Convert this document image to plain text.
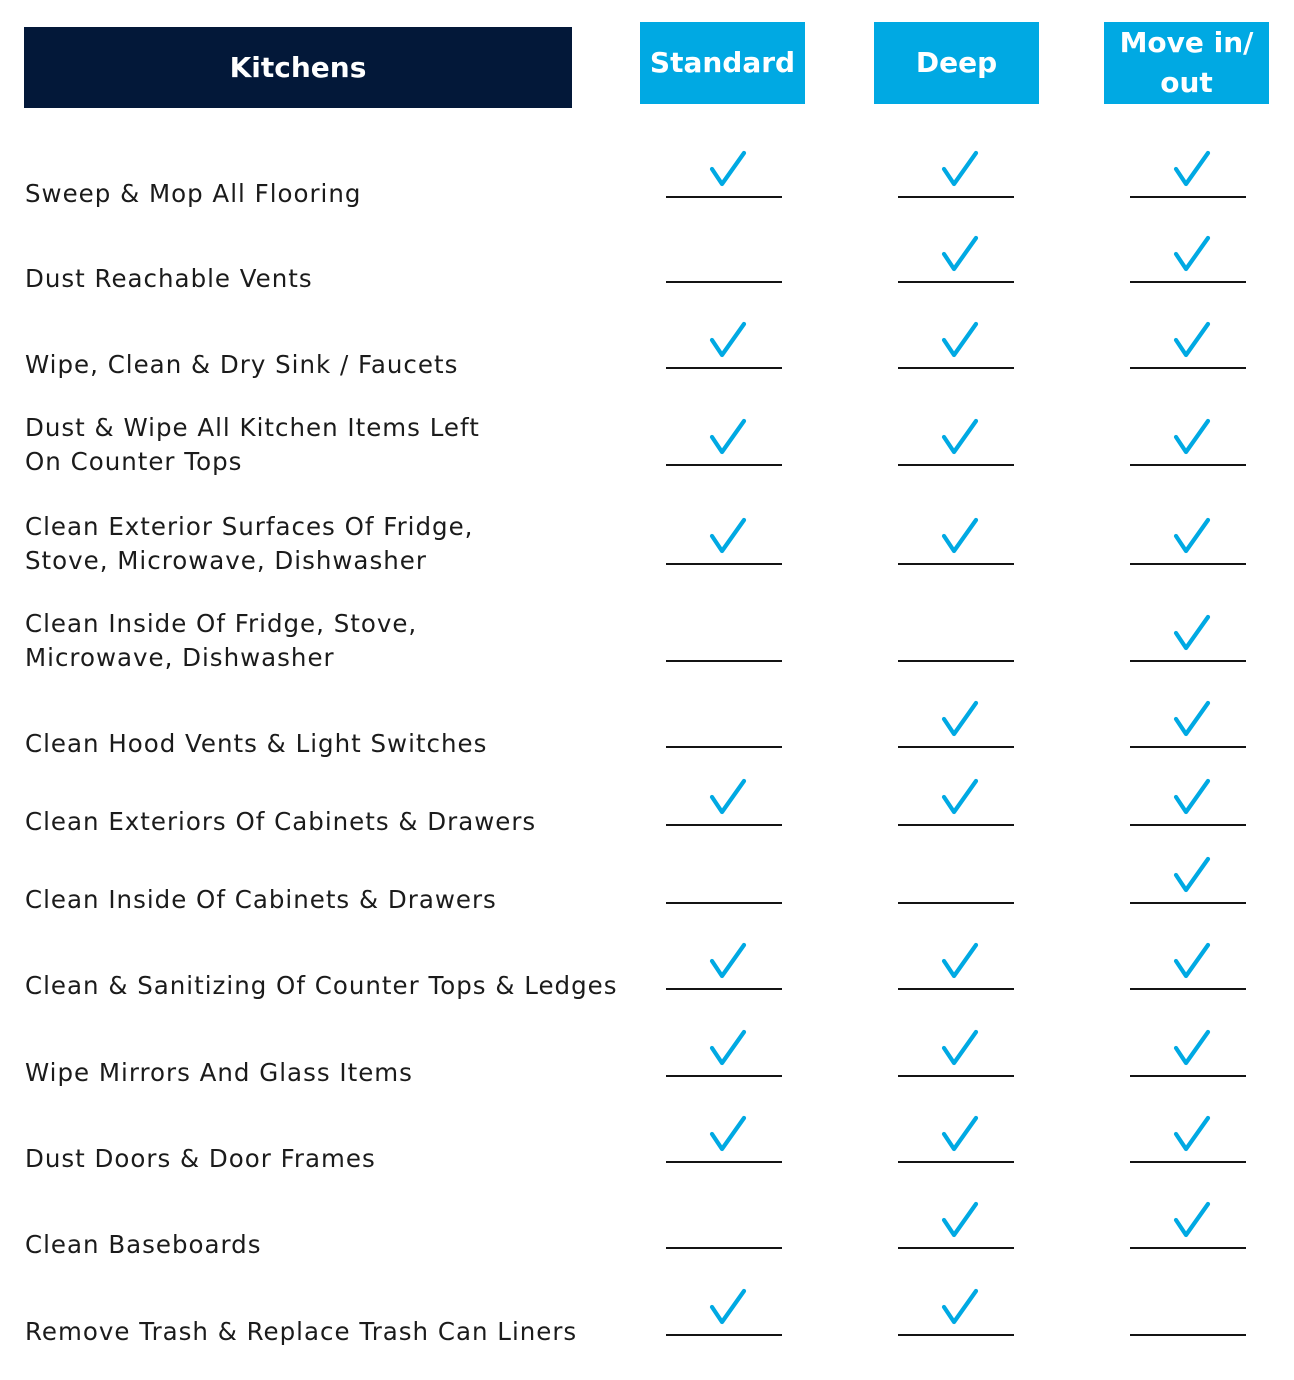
Kitchens	Standard	Deep
Move in/ out
Sweep & Mop All Flooring
Dust Reachable Vents
Wipe, Clean & Dry Sink / Faucets
Dust & Wipe All Kitchen Items Left
On Counter Tops
Clean Exterior Surfaces Of Fridge,
Stove, Microwave, Dishwasher
Clean Inside Of Fridge, Stove,
Microwave, Dishwasher
Clean Hood Vents & Light Switches
Clean Exteriors Of Cabinets & Drawers
Clean Inside Of Cabinets & Drawers
Clean & Sanitizing Of Counter Tops & Ledges
Wipe Mirrors And Glass Items
Dust Doors & Door Frames
Clean Baseboards
Remove Trash & Replace Trash Can Liners
